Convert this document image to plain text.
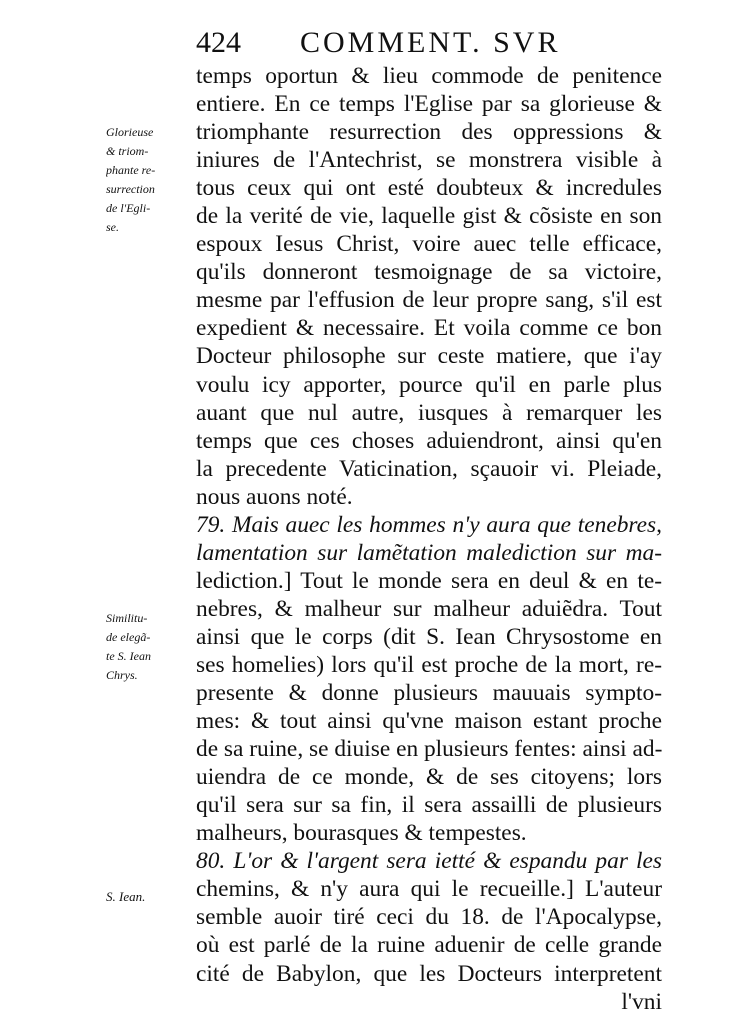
424 COMMENT. SVR
Glorieuse
& triom-
phante re-
surrection
de l'Egli-
se.
Similitu-
de elegã-
te S. Iean
Chrys.
S. Iean.
temps oportun & lieu commode de penitence
entiere. En ce temps l'Eglise par sa glorieuse &
triomphante resurrection des oppressions &
iniures de l'Antechrist, se monstrera visible à
tous ceux qui ont esté doubteux & incredules
de la verité de vie, laquelle gist & cõsiste en son
espoux Iesus Christ, voire auec telle efficace,
qu'ils donneront tesmoignage de sa victoire,
mesme par l'effusion de leur propre sang, s'il est
expedient & necessaire. Et voila comme ce bon
Docteur philosophe sur ceste matiere, que i'ay
voulu icy apporter, pource qu'il en parle plus
auant que nul autre, iusques à remarquer les
temps que ces choses aduiendront, ainsi qu'en
la precedente Vaticination, sçauoir vi. Pleiade,
nous auons noté.
79. Mais auec les hommes n'y aura que tenebres,
lamentation sur lamẽtation malediction sur ma-
lediction.] Tout le monde sera en deul & en te-
nebres, & malheur sur malheur aduiẽdra. Tout
ainsi que le corps (dit S. Iean Chrysostome en
ses homelies) lors qu'il est proche de la mort, re-
presente & donne plusieurs mauuais sympto-
mes: & tout ainsi qu'vne maison estant proche
de sa ruine, se diuise en plusieurs fentes: ainsi ad-
uiendra de ce monde, & de ses citoyens; lors
qu'il sera sur sa fin, il sera assailli de plusieurs
malheurs, bourasques & tempestes.
80. L'or & l'argent sera ietté & espandu par les
chemins, & n'y aura qui le recueille.] L'auteur
semble auoir tiré ceci du 18. de l'Apocalypse,
où est parlé de la ruine aduenir de celle grande
cité de Babylon, que les Docteurs interpretent
l'vni
